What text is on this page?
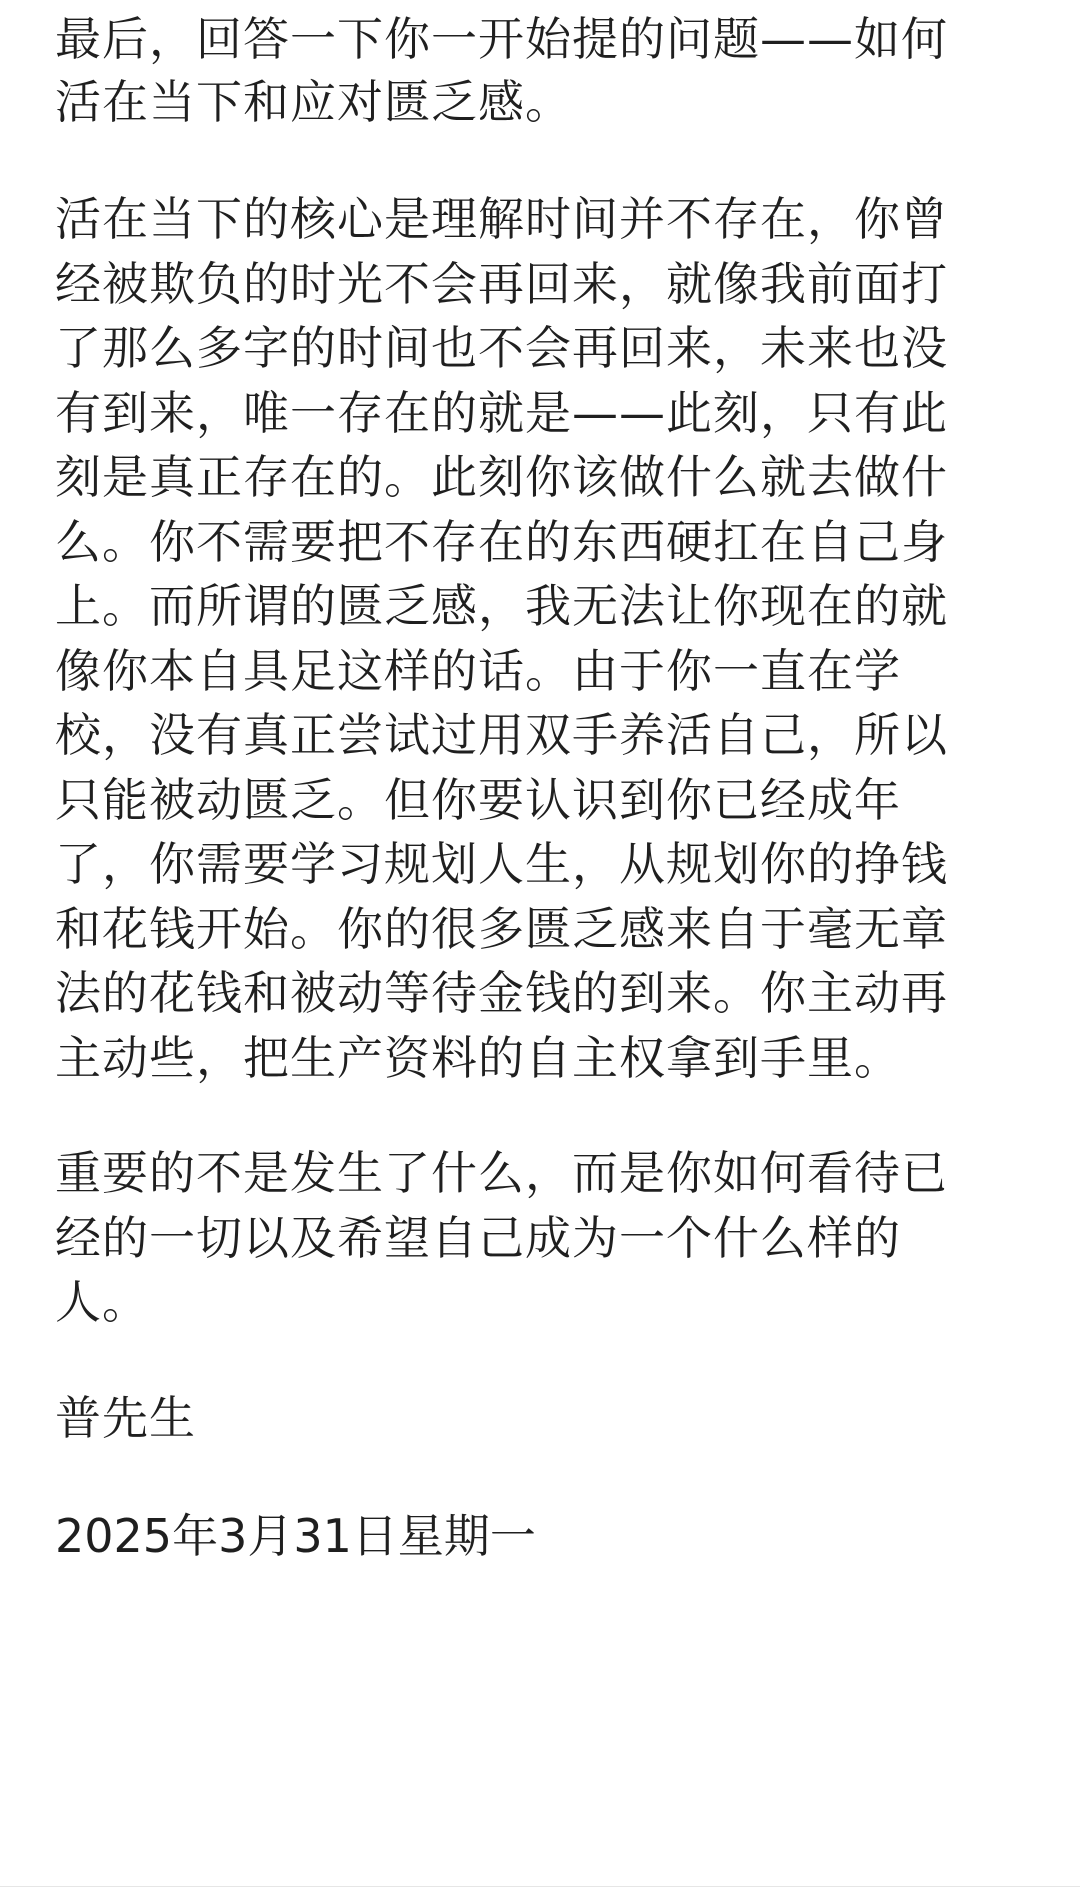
最后，回答一下你一开始提的问题——如何
活在当下和应对匮乏感。
活在当下的核心是理解时间并不存在，你曾
经被欺负的时光不会再回来，就像我前面打
了那么多字的时间也不会再回来，未来也没
有到来，唯一存在的就是——此刻，只有此
刻是真正存在的。此刻你该做什么就去做什
么。你不需要把不存在的东西硬扛在自己身
上。而所谓的匮乏感，我无法让你现在的就
像你本自具足这样的话。由于你一直在学
校，没有真正尝试过用双手养活自己，所以
只能被动匮乏。但你要认识到你已经成年
了，你需要学习规划人生，从规划你的挣钱
和花钱开始。你的很多匮乏感来自于毫无章
法的花钱和被动等待金钱的到来。你主动再
主动些，把生产资料的自主权拿到手里。
重要的不是发生了什么，而是你如何看待已
经的一切以及希望自己成为一个什么样的
人。
普先生
2025年3月31日星期一
